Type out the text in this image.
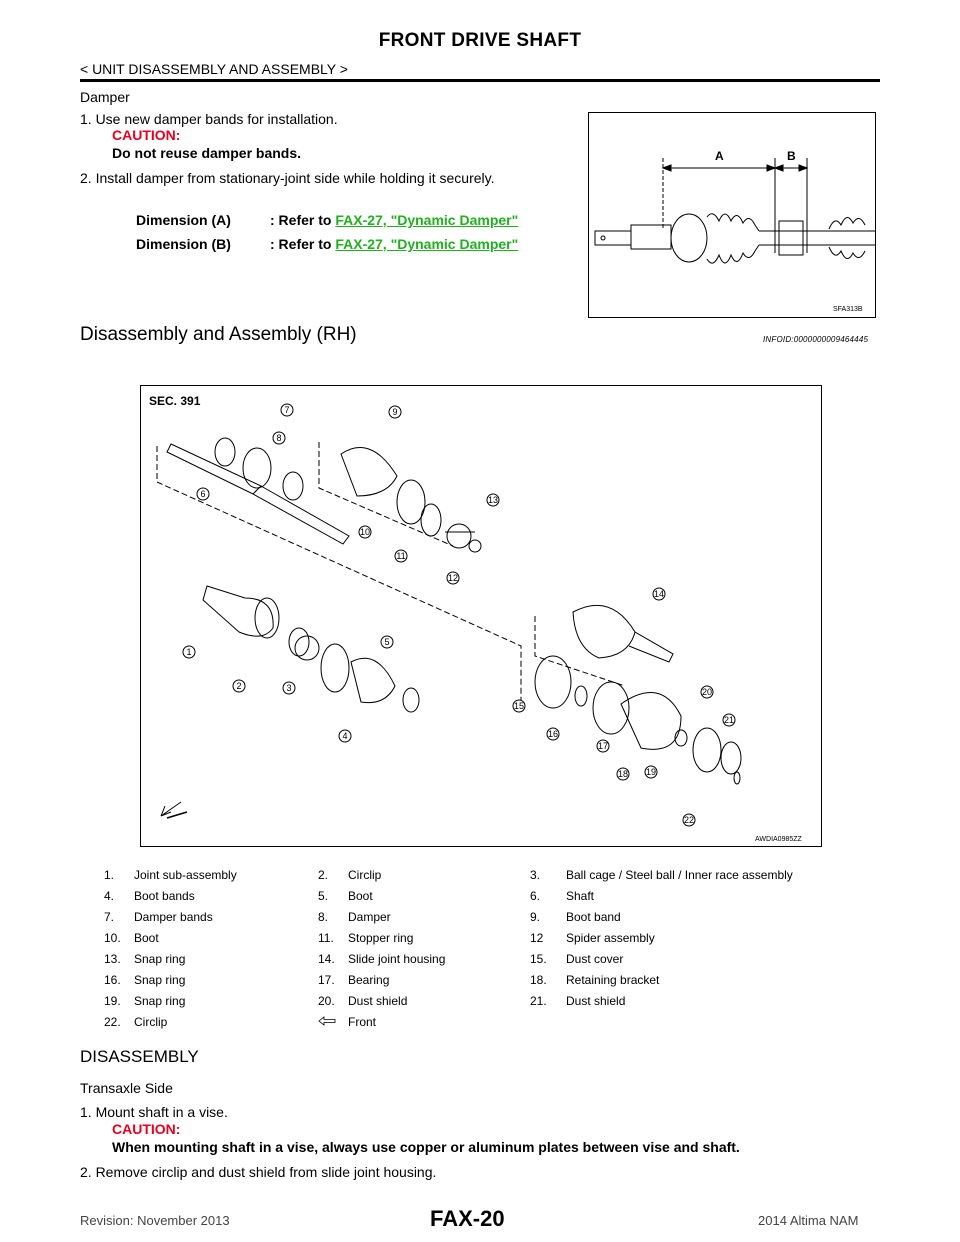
FRONT DRIVE SHAFT
< UNIT DISASSEMBLY AND ASSEMBLY >
Damper
1. Use new damper bands for installation.
CAUTION:
Do not reuse damper bands.
2. Install damper from stationary-joint side while holding it securely.
Dimension (A)	: Refer to FAX-27, "Dynamic Damper"
Dimension (B)	: Refer to FAX-27, "Dynamic Damper"
A	B
SFA313B
Disassembly and Assembly (RH)	INFOID:0000000009464445
SEC. 391
1
2	3
4
5
6
7
8
9
10
11
12
13
14
15
16
17
18 19
20
21
22
AWDIA0985ZZ
1.	Joint sub-assembly	2.	Circlip	3.	Ball cage / Steel ball / Inner race assembly
4.	Boot bands	5.	Boot	6.	Shaft
7.	Damper bands	8.	Damper	9.	Boot band
10.	Boot	11.	Stopper ring	12	Spider assembly
13.	Snap ring	14.	Slide joint housing	15.	Dust cover
16.	Snap ring	17.	Bearing	18.	Retaining bracket
19.	Snap ring	20.	Dust shield	21.	Dust shield
22.	Circlip		Front		
DISASSEMBLY
Transaxle Side
1. Mount shaft in a vise.
CAUTION:
When mounting shaft in a vise, always use copper or aluminum plates between vise and shaft.
2. Remove circlip and dust shield from slide joint housing.
Revision: November 2013	FAX-20	2014 Altima NAM
